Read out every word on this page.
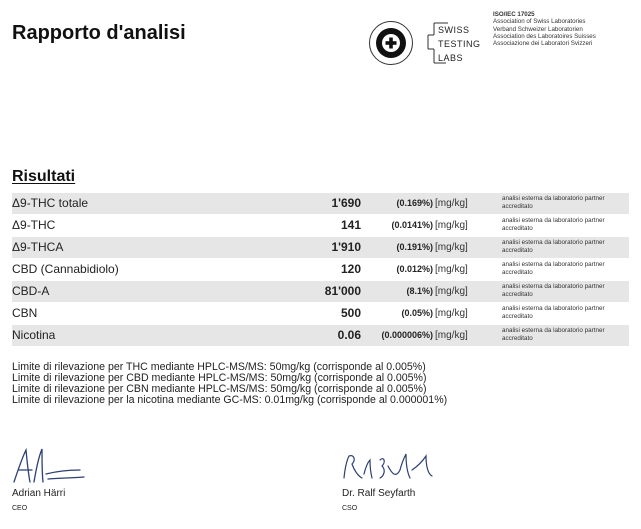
Rapporto d'analisi	SWISS
TESTING
LABS
ISO/IEC 17025
Association of Swiss Laboratories
Verband Schweizer Laboratorien
Association des Laboratoires Suisses
Associazione dei Laboratori Svizzeri
Risultati
Δ9-THC totale	1'690	(0.169%) [mg/kg]	analisi esterna da laboratorio partner accreditato
Δ9-THC	141	(0.0141%) [mg/kg]	analisi esterna da laboratorio partner accreditato
Δ9-THCA	1'910	(0.191%) [mg/kg]	analisi esterna da laboratorio partner accreditato
CBD (Cannabidiolo)	120	(0.012%) [mg/kg]	analisi esterna da laboratorio partner accreditato
CBD-A	81'000	(8.1%) [mg/kg]	analisi esterna da laboratorio partner accreditato
CBN	500	(0.05%) [mg/kg]	analisi esterna da laboratorio partner accreditato
Nicotina	0.06 (0.000006%) [mg/kg]	analisi esterna da laboratorio partner accreditato
Limite di rilevazione per THC mediante HPLC-MS/MS: 50mg/kg (corrisponde al 0.005%)
Limite di rilevazione per CBD mediante HPLC-MS/MS: 50mg/kg (corrisponde al 0.005%)
Limite di rilevazione per CBN mediante HPLC-MS/MS: 50mg/kg (corrisponde al 0.005%)
Limite di rilevazione per la nicotina mediante GC-MS: 0.01mg/kg (corrisponde al 0.000001%)
Adrian Härri
CEO
Dr. Ralf Seyfarth
CSO
